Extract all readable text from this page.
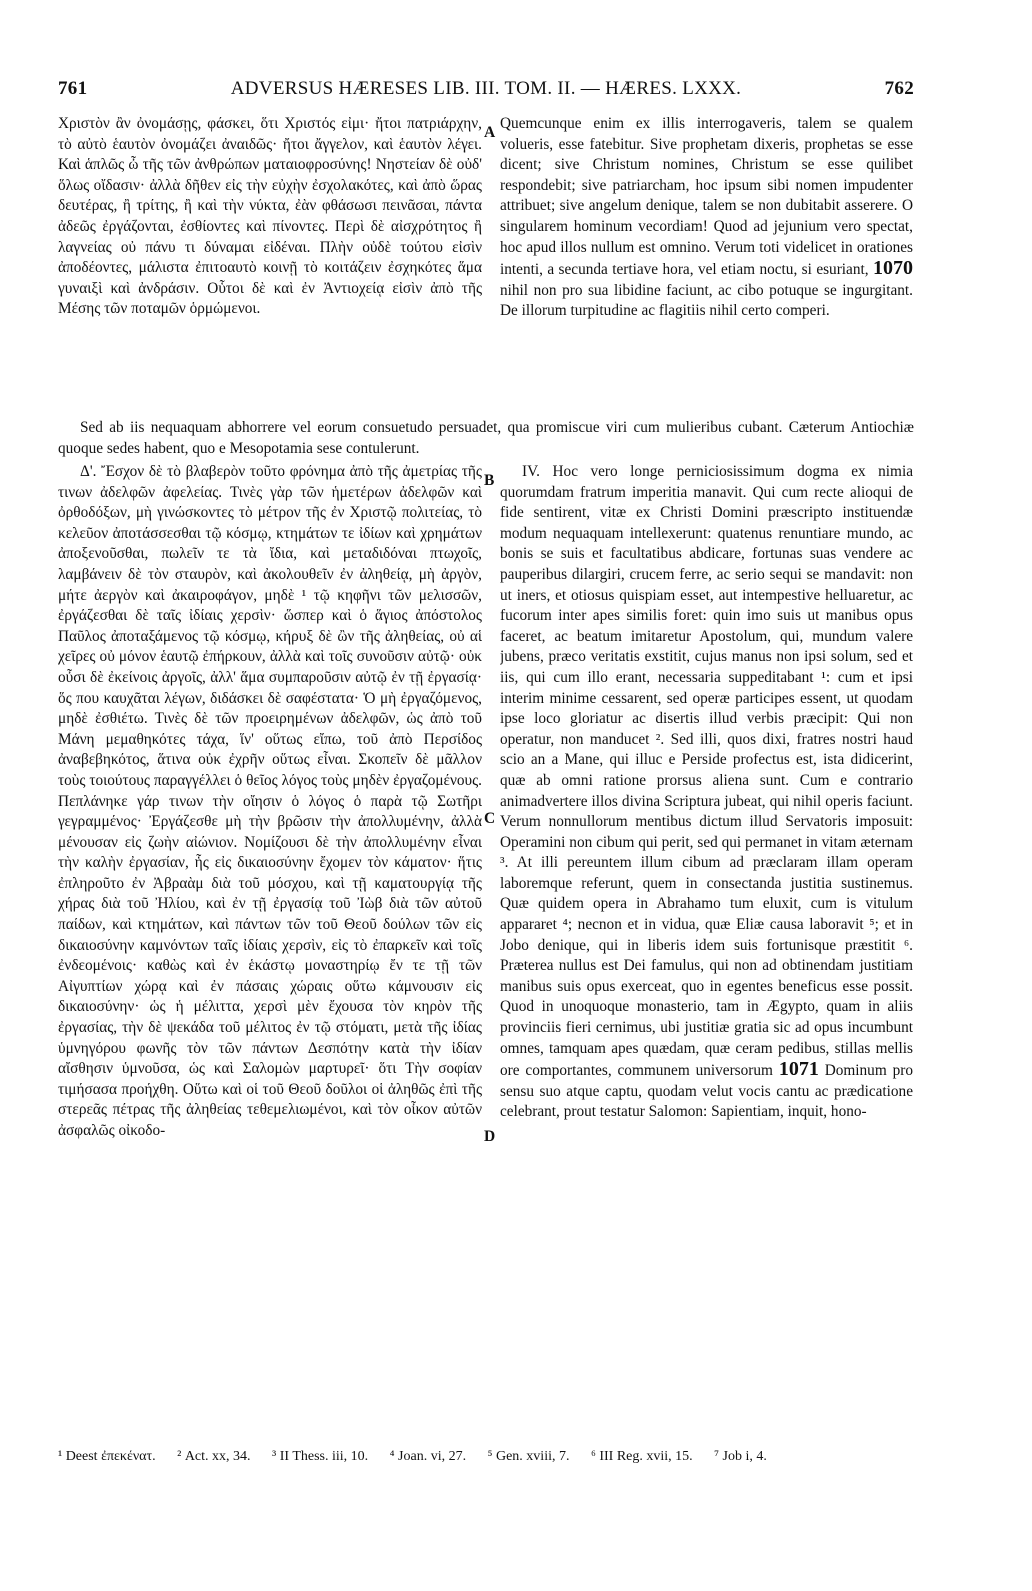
761	ADVERSUS HÆRESES LIB. III. TOM. II. — HÆRES. LXXX.	762

Χριστὸν ἂν ὀνομάσῃς, φάσκει, ὅτι Χριστός εἰμι· ἤτοι πατριάρχην, τὸ αὐτὸ ἑαυτὸν ὀνομάζει ἀναιδῶς· ἤτοι ἄγγελον, καὶ ἑαυτὸν λέγει. Καὶ ἁπλῶς ὦ τῆς τῶν ἀνθρώπων ματαιοφροσύνης! Νηστείαν δὲ οὐδ' ὅλως οἴδασιν· ἀλλὰ δῆθεν εἰς τὴν εὐχὴν ἐσχολακότες, καὶ ἀπὸ ὥρας δευτέρας, ἢ τρίτης, ἢ καὶ τὴν νύκτα, ἐὰν φθάσωσι πεινᾶσαι, πάντα ἀδεῶς ἐργάζονται, ἐσθίοντες καὶ πίνοντες. Περὶ δὲ αἰσχρότητος ἢ λαγνείας οὐ πάνυ τι δύναμαι εἰδέναι. Πλὴν οὐδὲ τούτου εἰσὶν ἀποδέοντες, μάλιστα ἐπιτοαυτὸ κοινῇ τὸ κοιτάζειν ἐσχηκότες ἅμα γυναιξὶ καὶ ἀνδράσιν. Οὗτοι δὲ καὶ ἐν Ἀντιοχείᾳ εἰσὶν ἀπὸ τῆς Μέσης τῶν ποταμῶν ὁρμώμενοι.

A

Quemcunque enim ex illis interrogaveris, talem se qualem volueris, esse fatebitur. Sive prophetam dixeris, prophetas se esse dicent; sive Christum nomines, Christum se esse quilibet respondebit; sive patriarcham, hoc ipsum sibi nomen impudenter attribuet; sive angelum denique, talem se non dubitabit asserere. O singularem hominum vecordiam! Quod ad jejunium vero spectat, hoc apud illos nullum est omnino. Verum toti videlicet in orationes intenti, a secunda tertiave hora, vel etiam noctu, si esuriant, 1070 nihil non pro sua libidine faciunt, ac cibo potuque se ingurgitant. De illorum turpitudine ac flagitiis nihil certo comperi.

Sed ab iis nequaquam abhorrere vel eorum consuetudo persuadet, qua promiscue viri cum mulieribus cubant. Cæterum Antiochiæ quoque sedes habent, quo e Mesopotamia sese contulerunt.

Δ'. Ἔσχον δὲ τὸ βλαβερὸν τοῦτο φρόνημα ἀπὸ τῆς ἀμετρίας τῆς τινων ἀδελφῶν ἀφελείας. Τινὲς γὰρ τῶν ἡμετέρων ἀδελφῶν καὶ ὀρθοδόξων, μὴ γινώσκοντες τὸ μέτρον τῆς ἐν Χριστῷ πολιτείας, τὸ κελεῦον ἀποτάσσεσθαι τῷ κόσμῳ, κτημάτων τε ἰδίων καὶ χρημάτων ἀποξενοῦσθαι, πωλεῖν τε τὰ ἴδια, καὶ μεταδιδόναι πτωχοῖς, λαμβάνειν δὲ τὸν σταυρὸν, καὶ ἀκολουθεῖν ἐν ἀληθείᾳ, μὴ ἀργὸν, μήτε ἀεργὸν καὶ ἀκαιροφάγον, μηδὲ ¹ τῷ κηφῆνι τῶν μελισσῶν, ἐργάζεσθαι δὲ ταῖς ἰδίαις χερσὶν· ὥσπερ καὶ ὁ ἅγιος ἀπόστολος Παῦλος ἀποταξάμενος τῷ κόσμῳ, κήρυξ δὲ ὢν τῆς ἀληθείας, οὐ αἱ χεῖρες οὐ μόνον ἑαυτῷ ἐπήρκουν, ἀλλὰ καὶ τοῖς συνοῦσιν αὐτῷ· οὐκ οὖσι δὲ ἐκείνοις ἀργοῖς, ἀλλ' ἅμα συμπαροῦσιν αὐτῷ ἐν τῇ ἐργασίᾳ· ὅς που καυχᾶται λέγων, διδάσκει δὲ σαφέστατα· Ὁ μὴ ἐργαζόμενος, μηδὲ ἐσθιέτω. Τινὲς δὲ τῶν προειρημένων ἀδελφῶν, ὡς ἀπὸ τοῦ Μάνη μεμαθηκότες τάχα, ἵν' οὕτως εἴπω, τοῦ ἀπὸ Περσίδος ἀναβεβηκότος, ἅτινα οὐκ ἐχρῆν οὕτως εἶναι. Σκοπεῖν δὲ μᾶλλον τοὺς τοιούτους παραγγέλλει ὁ θεῖος λόγος τοὺς μηδὲν ἐργαζομένους. Πεπλάνηκε γάρ τινων τὴν οἴησιν ὁ λόγος ὁ παρὰ τῷ Σωτῆρι γεγραμμένος· Ἐργάζεσθε μὴ τὴν βρῶσιν τὴν ἀπολλυμένην, ἀλλὰ μένουσαν εἰς ζωὴν αἰώνιον. Νομίζουσι δὲ τὴν ἀπολλυμένην εἶναι τὴν καλὴν ἐργασίαν, ἧς εἰς δικαιοσύνην ἔχομεν τὸν κάματον· ἥτις ἐπληροῦτο ἐν Ἀβραὰμ διὰ τοῦ μόσχου, καὶ τῇ καματουργίᾳ τῆς χήρας διὰ τοῦ Ἠλίου, καὶ ἐν τῇ ἐργασίᾳ τοῦ Ἰὼβ διὰ τῶν αὐτοῦ παίδων, καὶ κτημάτων, καὶ πάντων τῶν τοῦ Θεοῦ δούλων τῶν εἰς δικαιοσύνην καμνόντων ταῖς ἰδίαις χερσὶν, εἰς τὸ ἐπαρκεῖν καὶ τοῖς ἐνδεομένοις· καθὼς καὶ ἐν ἑκάστῳ μοναστηρίῳ ἔν τε τῇ τῶν Αἰγυπτίων χώρᾳ καὶ ἐν πάσαις χώραις οὕτω κάμνουσιν εἰς δικαιοσύνην· ὡς ἡ μέλιττα, χερσὶ μὲν ἔχουσα τὸν κηρὸν τῆς ἐργασίας, τὴν δὲ ψεκάδα τοῦ μέλιτος ἐν τῷ στόματι, μετὰ τῆς ἰδίας ὑμνηγόρου φωνῆς τὸν τῶν πάντων Δεσπότην κατὰ τὴν ἰδίαν αἴσθησιν ὑμνοῦσα, ὡς καὶ Σαλομὼν μαρτυρεῖ· ὅτι Τὴν σοφίαν τιμήσασα προήχθη. Οὕτω καὶ οἱ τοῦ Θεοῦ δοῦλοι οἱ ἀληθῶς ἐπὶ τῆς στερεᾶς πέτρας τῆς ἀληθείας τεθεμελιωμένοι, καὶ τὸν οἶκον αὐτῶν ἀσφαλῶς οἰκοδο-

B
C
D

IV. Hoc vero longe perniciosissimum dogma ex nimia quorumdam fratrum imperitia manavit. Qui cum recte alioqui de fide sentirent, vitæ ex Christi Domini præscripto instituendæ modum nequaquam intellexerunt: quatenus renuntiare mundo, ac bonis se suis et facultatibus abdicare, fortunas suas vendere ac pauperibus dilargiri, crucem ferre, ac serio sequi se mandavit: non ut iners, et otiosus quispiam esset, aut intempestive helluaretur, ac fucorum inter apes similis foret: quin imo suis ut manibus opus faceret, ac beatum imitaretur Apostolum, qui, mundum valere jubens, præco veritatis exstitit, cujus manus non ipsi solum, sed et iis, qui cum illo erant, necessaria suppeditabant ¹: cum et ipsi interim minime cessarent, sed operæ participes essent, ut quodam ipse loco gloriatur ac disertis illud verbis præcipit: Qui non operatur, non manducet ². Sed illi, quos dixi, fratres nostri haud scio an a Mane, qui illuc e Perside profectus est, ista didicerint, quæ ab omni ratione prorsus aliena sunt. Cum e contrario animadvertere illos divina Scriptura jubeat, qui nihil operis faciunt. Verum nonnullorum mentibus dictum illud Servatoris imposuit: Operamini non cibum qui perit, sed qui permanet in vitam æternam ³. At illi pereuntem illum cibum ad præclaram illam operam laboremque referunt, quem in consectanda justitia sustinemus. Quæ quidem opera in Abrahamo tum eluxit, cum is vitulum appararet ⁴; necnon et in vidua, quæ Eliæ causa laboravit ⁵; et in Jobo denique, qui in liberis idem suis fortunisque præstitit ⁶. Præterea nullus est Dei famulus, qui non ad obtinendam justitiam manibus suis opus exerceat, quo in egentes beneficus esse possit. Quod in unoquoque monasterio, tam in Ægypto, quam in aliis provinciis fieri cernimus, ubi justitiæ gratia sic ad opus incumbunt omnes, tamquam apes quædam, quæ ceram pedibus, stillas mellis ore comportantes, communem universorum 1071 Dominum pro sensu suo atque captu, quodam velut vocis cantu ac prædicatione celebrant, prout testatur Salomon: Sapientiam, inquit, hono-

¹ Deest ἐπεκένατ. ² Act. xx, 34. ³ II Thess. iii, 10. ⁴ Joan. vi, 27. ⁵ Gen. xviii, 7. ⁶ III Reg. xvii, 15. ⁷ Job i, 4.
